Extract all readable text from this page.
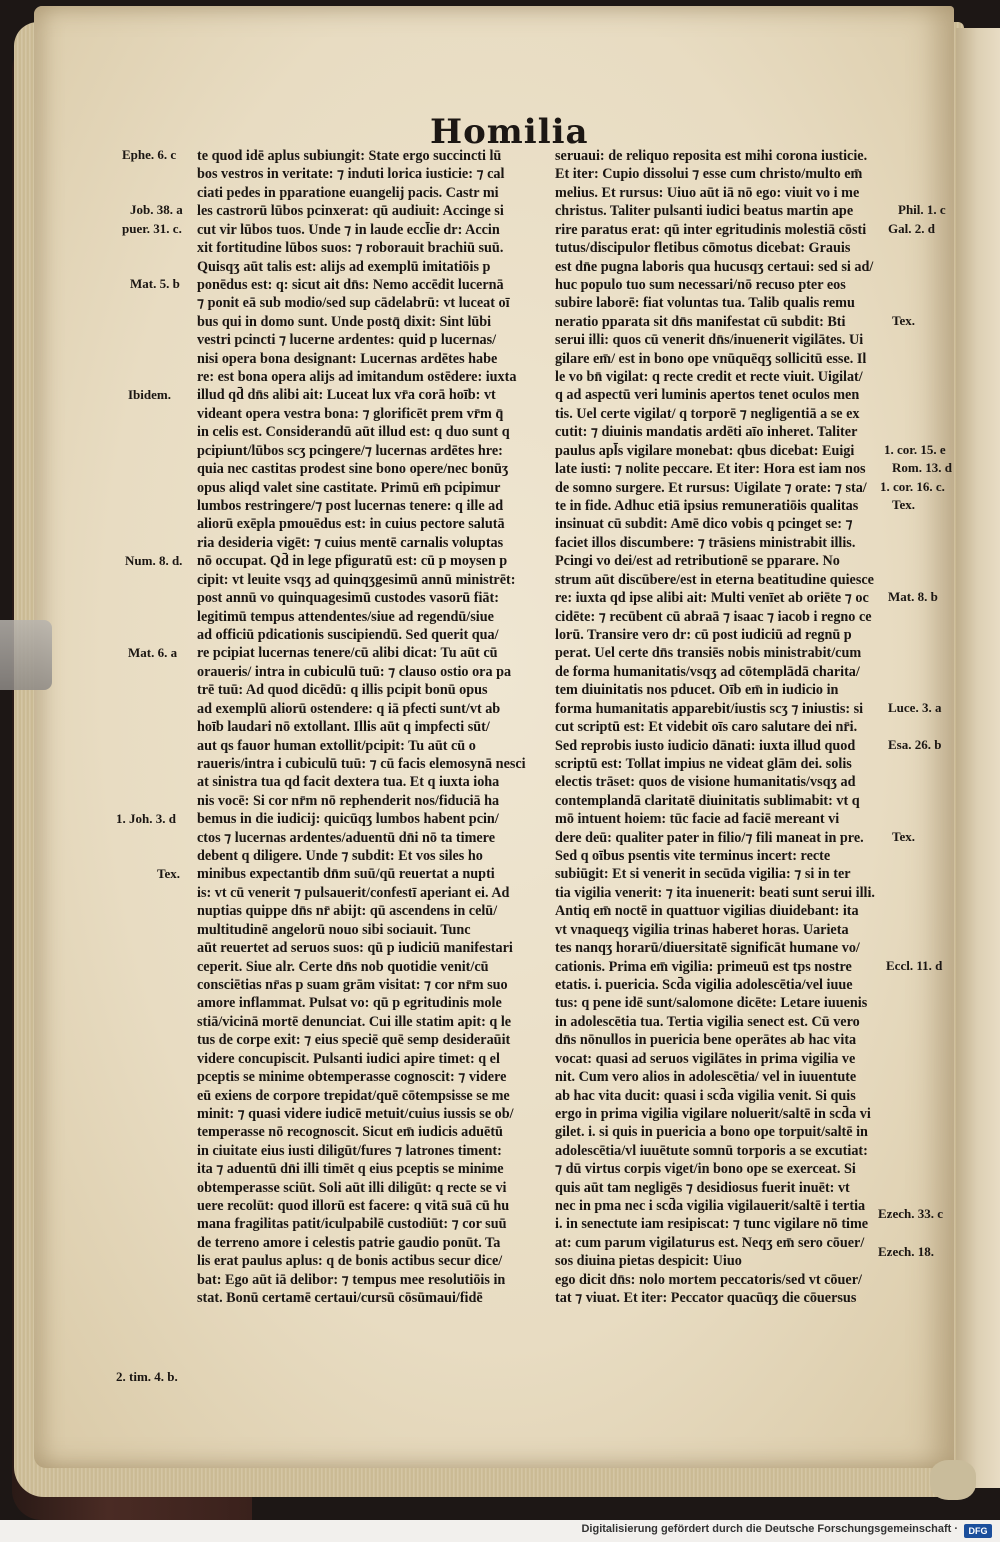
Homilia
te quod idē aplus subiungit: State ergo succincti lū
bos vestros in veritate: ⁊ induti lorica iusticie: ⁊ cal
ciati pedes in pparatione euangelij pacis. Castr mi
les castrorū lūbos pcinxerat: qū audiuit: Accinge si
cut vir lūbos tuos. Unde ⁊ in laude eccl̄ie dr: Accin
xit fortitudine lūbos suos: ⁊ roborauit brachiū suū.
Quisqʒ aūt talis est: alijs ad exemplū imitatiōis p
ponēdus est: q: sicut ait dn̄s: Nemo accēdit lucernā
⁊ ponit eā sub modio/sed sup cādelabrū: vt luceat oī
bus qui in domo sunt. Unde postq̄ dixit: Sint lūbi
vestri pcincti ⁊ lucerne ardentes: quid p lucernas/
nisi opera bona designant: Lucernas ardētes habe
re: est bona opera alijs ad imitandum ostēdere: iuxta
illud qd̄ dn̄s alibi ait: Luceat lux vr̄a corā hoīb: vt
videant opera vestra bona: ⁊ glorificēt prem vr̄m q̄
in celis est. Considerandū aūt illud est: q duo sunt q
pcipiunt/lūbos scʒ pcingere/⁊ lucernas ardētes hre:
quia nec castitas prodest sine bono opere/nec bonūʒ
opus aliqd valet sine castitate. Primū em̄ pcipimur
lumbos restringere/⁊ post lucernas tenere: q ille ad
aliorū exēpla pmouēdus est: in cuius pectore salutā
ria desideria vigēt: ⁊ cuius mentē carnalis voluptas
nō occupat. Qd̄ in lege pfiguratū est: cū p moysen p
cipit: vt leuite vsqʒ ad quinqʒgesimū annū ministrēt:
post annū vo quinquagesimū custodes vasorū fiāt:
legitimū tempus attendentes/siue ad regendū/siue
ad officiū pdicationis suscipiendū. Sed querit qua/
re pcipiat lucernas tenere/cū alibi dicat: Tu aūt cū
oraueris/ intra in cubiculū tuū: ⁊ clauso ostio ora pa
trē tuū: Ad quod dicēdū: q illis pcipit bonū opus
ad exemplū aliorū ostendere: q iā pfecti sunt/vt ab
hoīb laudari nō extollant. Illis aūt q impfecti sūt/
aut qs fauor human extollit/pcipit: Tu aūt cū o
raueris/intra i cubiculū tuū: ⁊ cū facis elemosynā nesci
at sinistra tua qd facit dextera tua. Et q iuxta ioha
nis vocē: Si cor nr̄m nō rephenderit nos/fiduciā ha
bemus in die iudicij: quicūqʒ lumbos habent pcin/
ctos ⁊ lucernas ardentes/aduentū dn̄i nō ta timere
debent q diligere. Unde ⁊ subdit: Et vos siles ho
minibus expectantib dn̄m suū/qū reuertat a nupti
is: vt cū venerit ⁊ pulsauerit/confestī aperiant ei. Ad
nuptias quippe dn̄s nr̄ abijt: qū ascendens in celū/
multitudinē angelorū nouo sibi sociauit. Tunc
aūt reuertet ad seruos suos: qū p iudiciū manifestari
ceperit. Siue alr. Certe dn̄s nob quotidie venit/cū
consciētias nr̄as p suam grām visitat: ⁊ cor nr̄m suo
amore inflammat. Pulsat vo: qū p egritudinis mole
stiā/vicinā mortē denunciat. Cui ille statim apit: q le
tus de corpe exit: ⁊ eius speciē quē semp desideraūit
videre concupiscit. Pulsanti iudici apire timet: q el
pceptis se minime obtemperasse cognoscit: ⁊ videre
eū exiens de corpore trepidat/quē cōtempsisse se me
minit: ⁊ quasi videre iudicē metuit/cuius iussis se ob/
temperasse nō recognoscit. Sicut em̄ iudicis aduētū
in ciuitate eius iusti diligūt/fures ⁊ latrones timent:
ita ⁊ aduentū dn̄i illi timēt q eius pceptis se minime
obtemperasse sciūt. Soli aūt illi diligūt: q recte se vi
uere recolūt: quod illorū est facere: q vitā suā cū hu
mana fragilitas patit/iculpabilē custodiūt: ⁊ cor suū
de terreno amore i celestis patrie gaudio ponūt. Ta
lis erat paulus aplus: q de bonis actibus secur dice/
bat: Ego aūt iā delibor: ⁊ tempus mee resolutiōis in
stat. Bonū certamē certaui/cursū cōsūmaui/fidē
seruaui: de reliquo reposita est mihi corona iusticie.
Et iter: Cupio dissolui ⁊ esse cum christo/multo em̄
melius. Et rursus: Uiuo aūt iā nō ego: viuit vo i me
christus. Taliter pulsanti iudici beatus martin ape
rire paratus erat: qū inter egritudinis molestiā cōsti
tutus/discipulor fletibus cōmotus dicebat: Grauis
est dn̄e pugna laboris qua hucusqʒ certaui: sed si ad/
huc populo tuo sum necessari/nō recuso pter eos
subire laborē: fiat voluntas tua. Talib qualis remu
neratio pparata sit dn̄s manifestat cū subdit: Bti
serui illi: quos cū venerit dn̄s/inuenerit vigilātes. Ui
gilare em̄/ est in bono ope vnūquēqʒ sollicitū esse. Il
le vo bn̄ vigilat: q recte credit et recte viuit. Uigilat/
q ad aspectū veri luminis apertos tenet oculos men
tis. Uel certe vigilat/ q torporē ⁊ negligentiā a se ex
cutit: ⁊ diuinis mandatis ardēti aīo inheret. Taliter
paulus apl̄s vigilare monebat: qbus dicebat: Euigi
late iusti: ⁊ nolite peccare. Et iter: Hora est iam nos
de somno surgere. Et rursus: Uigilate ⁊ orate: ⁊ sta/
te in fide. Adhuc etiā ipsius remuneratiōis qualitas
insinuat cū subdit: Amē dico vobis q pcinget se: ⁊
faciet illos discumbere: ⁊ trāsiens ministrabit illis.
Pcingi vo dei/est ad retributionē se pparare. No
strum aūt discūbere/est in eterna beatitudine quiesce
re: iuxta qd ipse alibi ait: Multi venīet ab oriēte ⁊ oc
cidēte: ⁊ recūbent cū abraā ⁊ isaac ⁊ iacob i regno ce
lorū. Transire vero dr: cū post iudiciū ad regnū p
perat. Uel certe dn̄s transiēs nobis ministrabit/cum
de forma humanitatis/vsqʒ ad cōtemplādā charita/
tem diuinitatis nos pducet. Oīb em̄ in iudicio in
forma humanitatis apparebit/iustis scʒ ⁊ iniustis: si
cut scriptū est: Et videbit oīs caro salutare dei nr̄i.
Sed reprobis iusto iudicio dānati: iuxta illud quod
scriptū est: Tollat impius ne videat glām dei. solis
electis trāset: quos de visione humanitatis/vsqʒ ad
contemplandā claritatē diuinitatis sublimabit: vt q
mō intuent hoiem: tūc facie ad faciē mereant vi
dere deū: qualiter pater in filio/⁊ fili maneat in pre.
Sed q oībus psentis vite terminus incert: recte
subiūgit: Et si venerit in secūda vigilia: ⁊ si in ter
tia vigilia venerit: ⁊ ita inuenerit: beati sunt serui illi.
Antiq em̄ noctē in quattuor vigilias diuidebant: ita
vt vnaqueqʒ vigilia trinas haberet horas. Uarieta
tes nanqʒ horarū/diuersitatē significāt humane vo/
cationis. Prima em̄ vigilia: primeuū est tps nostre
etatis. i. puericia. Scd̄a vigilia adolescētia/vel iuue
tus: q pene idē sunt/salomone dicēte: Letare iuuenis
in adolescētia tua. Tertia vigilia senect est. Cū vero
dn̄s nōnullos in puericia bene operātes ab hac vita
vocat: quasi ad seruos vigilātes in prima vigilia ve
nit. Cum vero alios in adolescētia/ vel in iuuentute
ab hac vita ducit: quasi i scd̄a vigilia venit. Si quis
ergo in prima vigilia vigilare noluerit/saltē in scd̄a vi
gilet. i. si quis in puericia a bono ope torpuit/saltē in
adolescētia/vl iuuētute somnū torporis a se excutiat:
⁊ dū virtus corpis viget/in bono ope se exerceat. Si
quis aūt tam negligēs ⁊ desidiosus fuerit inuēt: vt
nec in pma nec i scd̄a vigilia vigilauerit/saltē i tertia
i. in senectute iam resipiscat: ⁊ tunc vigilare nō time
at: cum parum vigilaturus est. Neqʒ em̄ sero cōuer/
sos diuina pietas despicit: Uiuo
ego dicit dn̄s: nolo mortem peccatoris/sed vt cōuer/
tat ⁊ viuat. Et iter: Peccator quacūqʒ die cōuersus
Ephe. 6. c
Job. 38. a
puer. 31. c.
Mat. 5. b
Ibidem.
Num. 8. d.
Mat. 6. a
1. Joh. 3. d
Tex.
2. tim. 4. b.
Phil. 1. c
Gal. 2. d
Tex.
1. cor. 15. e
Rom. 13. d
1. cor. 16. c.
Tex.
Mat. 8. b
Luce. 3. a
Esa. 26. b
Tex.
Eccl. 11. d
Ezech. 33. c
Ezech. 18.
Digitalisierung gefördert durch die Deutsche Forschungsgemeinschaft ·	DFG
